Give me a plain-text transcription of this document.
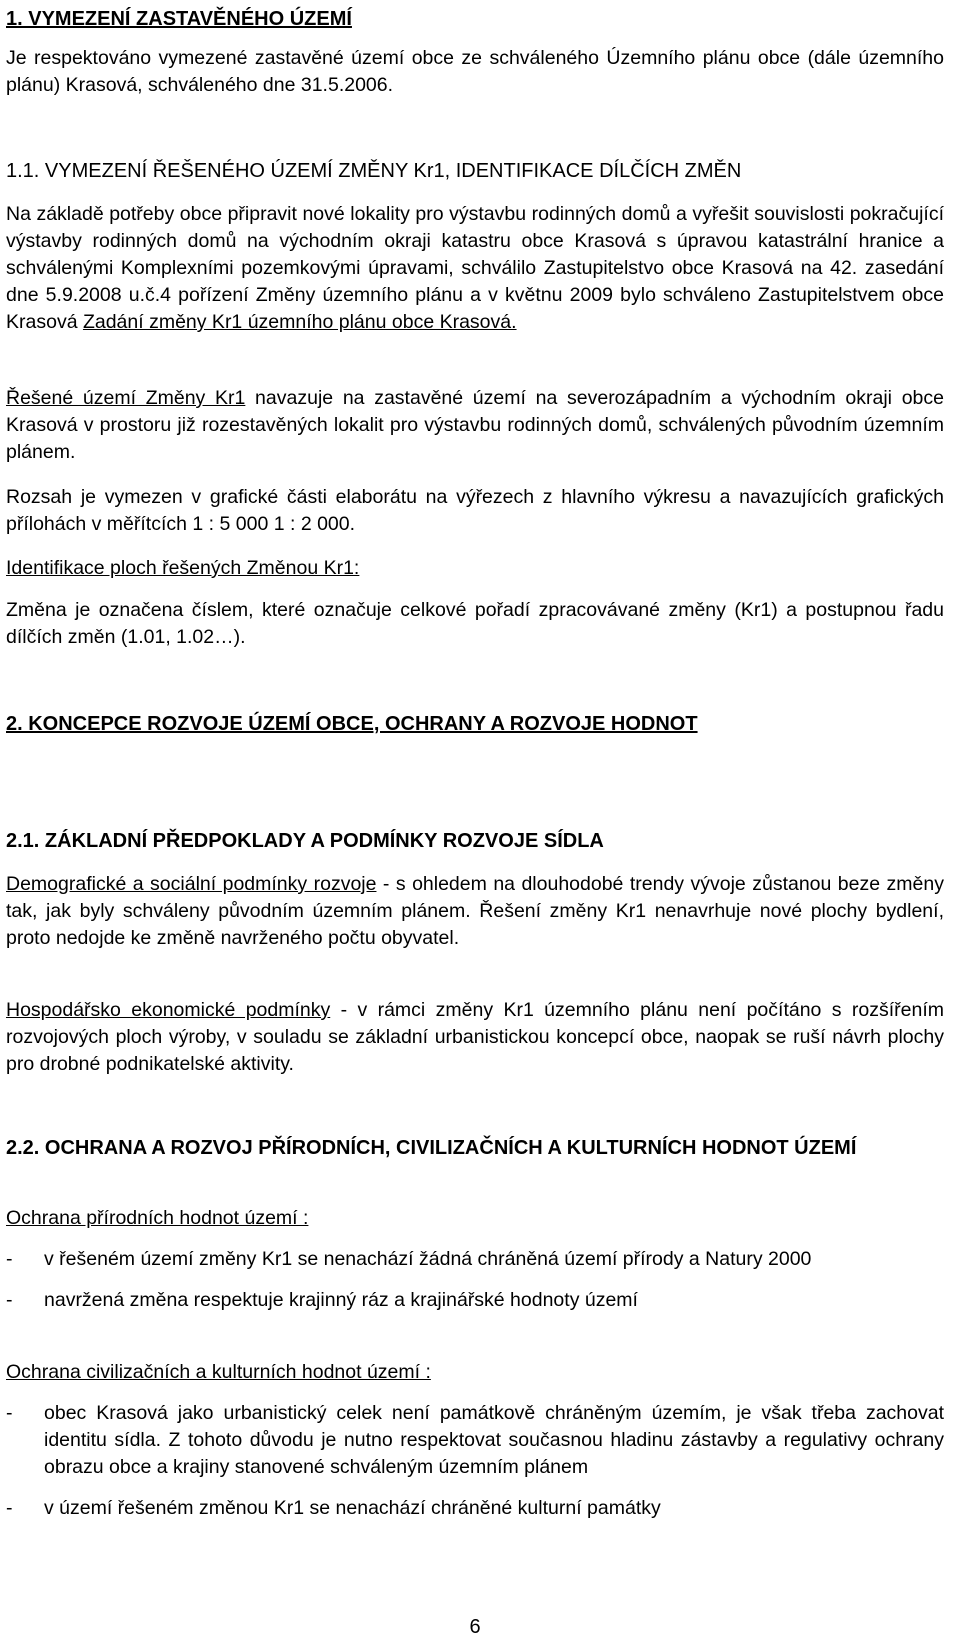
1. VYMEZENÍ ZASTAVĚNÉHO ÚZEMÍ

Je respektováno vymezené zastavěné území obce ze schváleného Územního plánu obce (dále územního plánu) Krasová, schváleného dne 31.5.2006.

1.1. VYMEZENÍ ŘEŠENÉHO ÚZEMÍ ZMĚNY Kr1, IDENTIFIKACE DÍLČÍCH ZMĚN

Na základě potřeby obce připravit nové lokality pro výstavbu rodinných domů a vyřešit souvislosti pokračující výstavby rodinných domů na východním okraji katastru obce Krasová s úpravou katastrální hranice a schválenými Komplexními pozemkovými úpravami, schválilo Zastupitelstvo obce Krasová na 42. zasedání dne 5.9.2008 u.č.4 pořízení Změny územního plánu a v květnu 2009 bylo schváleno Zastupitelstvem obce Krasová Zadání změny Kr1 územního plánu obce Krasová.

Řešené území Změny Kr1 navazuje na zastavěné území na severozápadním a východním okraji obce Krasová v prostoru již rozestavěných lokalit pro výstavbu rodinných domů, schválených původním územním plánem.

Rozsah je vymezen v grafické části elaborátu na výřezech z hlavního výkresu a navazujících grafických přílohách v měřítcích 1 : 5 000 1 : 2 000.

Identifikace ploch řešených Změnou Kr1:

Změna je označena číslem, které označuje celkové pořadí zpracovávané změny (Kr1) a postupnou řadu dílčích změn (1.01, 1.02…).

2. KONCEPCE ROZVOJE ÚZEMÍ OBCE, OCHRANY A ROZVOJE HODNOT
2.1. ZÁKLADNÍ PŘEDPOKLADY A PODMÍNKY ROZVOJE SÍDLA

Demografické a sociální podmínky rozvoje - s ohledem na dlouhodobé trendy vývoje zůstanou beze změny tak, jak byly schváleny původním územním plánem. Řešení změny Kr1 nenavrhuje nové plochy bydlení, proto nedojde ke změně navrženého počtu obyvatel.

Hospodářsko ekonomické podmínky - v rámci změny Kr1 územního plánu není počítáno s rozšířením rozvojových ploch výroby, v souladu se základní urbanistickou koncepcí obce, naopak se ruší návrh plochy pro drobné podnikatelské aktivity.

2.2. OCHRANA A ROZVOJ PŘÍRODNÍCH, CIVILIZAČNÍCH A KULTURNÍCH HODNOT ÚZEMÍ

Ochrana přírodních hodnot území :

- v řešeném území změny Kr1 se nenachází žádná chráněná území přírody a Natury 2000
- navržená změna respektuje krajinný ráz a krajinářské hodnoty území

Ochrana civilizačních a kulturních hodnot území :

- obec Krasová jako urbanistický celek není památkově chráněným územím, je však třeba zachovat identitu sídla. Z tohoto důvodu je nutno respektovat současnou hladinu zástavby a regulativy ochrany obrazu obce a krajiny stanovené schváleným územním plánem
- v území řešeném změnou Kr1 se nenachází chráněné kulturní památky
6
